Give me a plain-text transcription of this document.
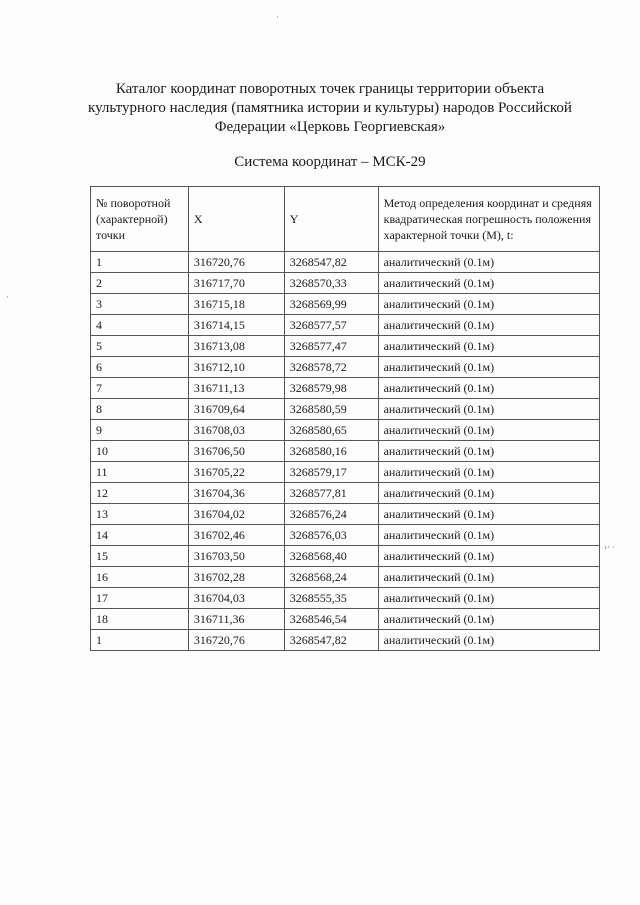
Каталог координат поворотных точек границы территории объекта культурного наследия (памятника истории и культуры) народов Российской Федерации «Церковь Георгиевская»
Система координат – МСК-29
№ поворотной (характерной) точки	X	Y	Метод определения координат и средняя квадратическая погрешность положения характерной точки (М), t:
1	316720,76	3268547,82	аналитический (0.1м)
2	316717,70	3268570,33	аналитический (0.1м)
3	316715,18	3268569,99	аналитический (0.1м)
4	316714,15	3268577,57	аналитический (0.1м)
5	316713,08	3268577,47	аналитический (0.1м)
6	316712,10	3268578,72	аналитический (0.1м)
7	316711,13	3268579,98	аналитический (0.1м)
8	316709,64	3268580,59	аналитический (0.1м)
9	316708,03	3268580,65	аналитический (0.1м)
10	316706,50	3268580,16	аналитический (0.1м)
11	316705,22	3268579,17	аналитический (0.1м)
12	316704,36	3268577,81	аналитический (0.1м)
13	316704,02	3268576,24	аналитический (0.1м)
14	316702,46	3268576,03	аналитический (0.1м)
15	316703,50	3268568,40	аналитический (0.1м)
16	316702,28	3268568,24	аналитический (0.1м)
17	316704,03	3268555,35	аналитический (0.1м)
18	316711,36	3268546,54	аналитический (0.1м)
1	316720,76	3268547,82	аналитический (0.1м)
·
·
›· ·
